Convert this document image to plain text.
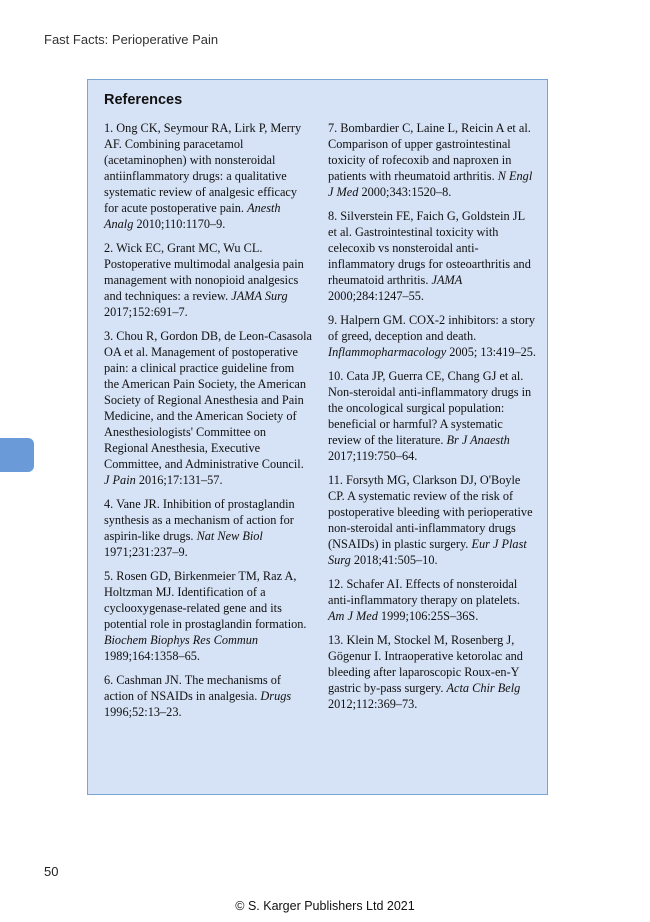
Fast Facts: Perioperative Pain
References

1. Ong CK, Seymour RA, Lirk P, Merry AF. Combining paracetamol (acetaminophen) with nonsteroidal antiinflammatory drugs: a qualitative systematic review of analgesic efficacy for acute postoperative pain. Anesth Analg 2010;110:1170–9.

2. Wick EC, Grant MC, Wu CL. Postoperative multimodal analgesia pain management with nonopioid analgesics and techniques: a review. JAMA Surg 2017;152:691–7.

3. Chou R, Gordon DB, de Leon-Casasola OA et al. Management of postoperative pain: a clinical practice guideline from the American Pain Society, the American Society of Regional Anesthesia and Pain Medicine, and the American Society of Anesthesiologists' Committee on Regional Anesthesia, Executive Committee, and Administrative Council. J Pain 2016;17:131–57.

4. Vane JR. Inhibition of prostaglandin synthesis as a mechanism of action for aspirin-like drugs. Nat New Biol 1971;231:237–9.

5. Rosen GD, Birkenmeier TM, Raz A, Holtzman MJ. Identification of a cyclooxygenase-related gene and its potential role in prostaglandin formation. Biochem Biophys Res Commun 1989;164:1358–65.

6. Cashman JN. The mechanisms of action of NSAIDs in analgesia. Drugs 1996;52:13–23.

7. Bombardier C, Laine L, Reicin A et al. Comparison of upper gastrointestinal toxicity of rofecoxib and naproxen in patients with rheumatoid arthritis. N Engl J Med 2000;343:1520–8.

8. Silverstein FE, Faich G, Goldstein JL et al. Gastrointestinal toxicity with celecoxib vs nonsteroidal anti-inflammatory drugs for osteoarthritis and rheumatoid arthritis. JAMA 2000;284:1247–55.

9. Halpern GM. COX-2 inhibitors: a story of greed, deception and death. Inflammopharmacology 2005; 13:419–25.

10. Cata JP, Guerra CE, Chang GJ et al. Non-steroidal anti-inflammatory drugs in the oncological surgical population: beneficial or harmful? A systematic review of the literature. Br J Anaesth 2017;119:750–64.

11. Forsyth MG, Clarkson DJ, O'Boyle CP. A systematic review of the risk of postoperative bleeding with perioperative non-steroidal anti-inflammatory drugs (NSAIDs) in plastic surgery. Eur J Plast Surg 2018;41:505–10.

12. Schafer AI. Effects of nonsteroidal anti-inflammatory therapy on platelets. Am J Med 1999;106:25S–36S.

13. Klein M, Stockel M, Rosenberg J, Gögenur I. Intraoperative ketorolac and bleeding after laparoscopic Roux-en-Y gastric by-pass surgery. Acta Chir Belg 2012;112:369–73.

50
© S. Karger Publishers Ltd 2021
